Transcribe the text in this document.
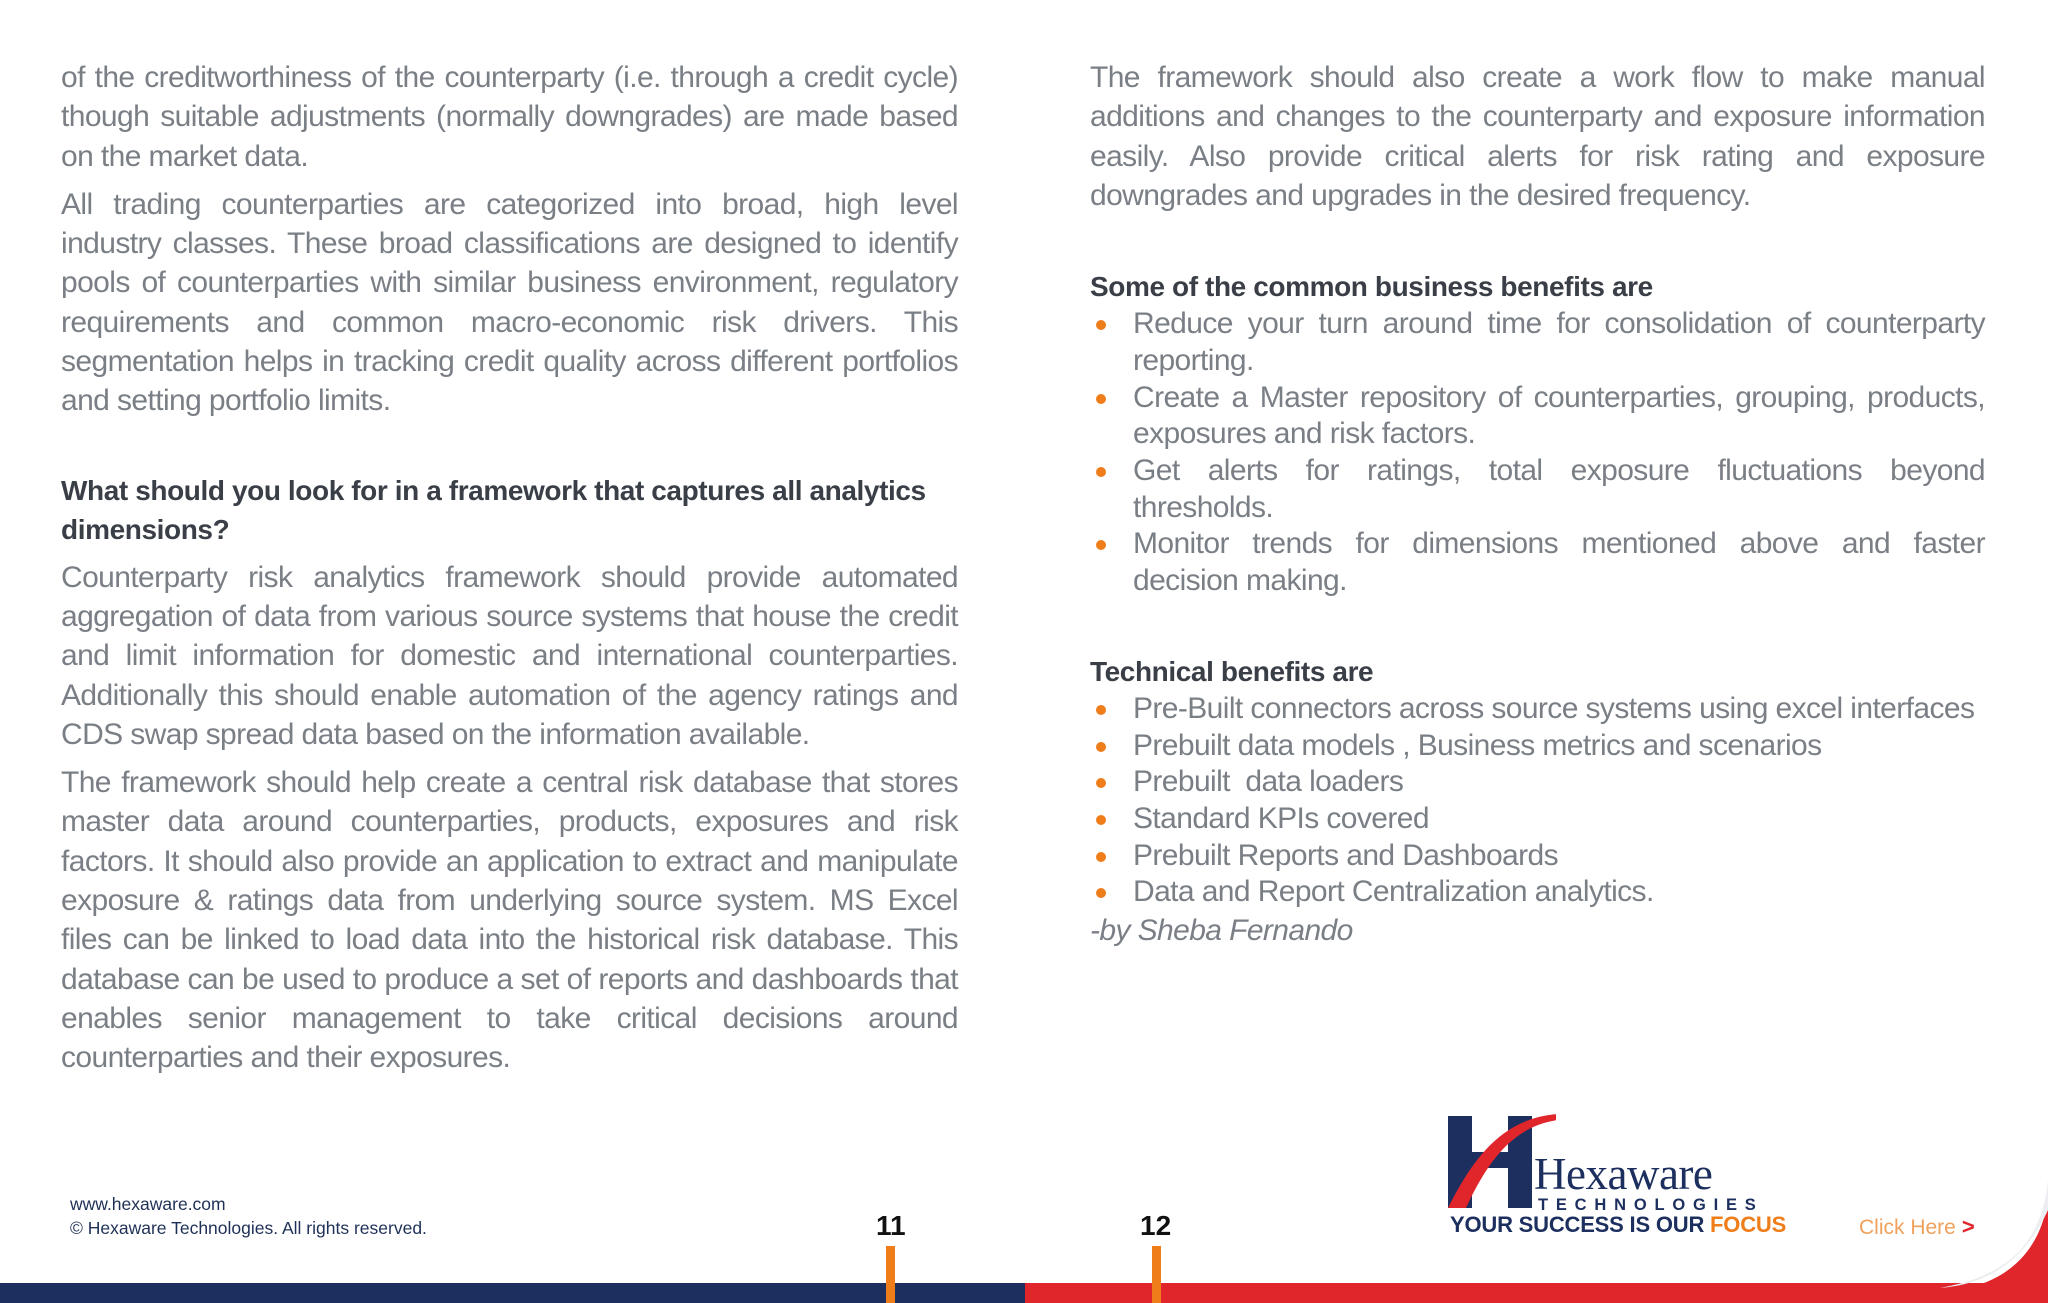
of the creditworthiness of the counterparty (i.e. through a credit cycle) though suitable adjustments (normally downgrades) are made based on the market data.

All trading counterparties are categorized into broad, high level industry classes. These broad classifications are designed to identify pools of counterparties with similar business environment, regulatory requirements and common macro-economic risk drivers. This segmentation helps in tracking credit quality across different portfolios and setting portfolio limits.

What should you look for in a framework that captures all analytics dimensions?

Counterparty risk analytics framework should provide automated aggregation of data from various source systems that house the credit and limit information for domestic and international counterparties. Additionally this should enable automation of the agency ratings and CDS swap spread data based on the information available.

The framework should help create a central risk database that stores master data around counterparties, products, exposures and risk factors. It should also provide an application to extract and manipulate exposure & ratings data from underlying source system. MS Excel files can be linked to load data into the historical risk database. This database can be used to produce a set of reports and dashboards that enables senior management to take critical decisions around counterparties and their exposures.

The framework should also create a work flow to make manual additions and changes to the counterparty and exposure information easily. Also provide critical alerts for risk rating and exposure downgrades and upgrades in the desired frequency.

Some of the common business benefits are
Reduce your turn around time for consolidation of counterparty reporting.
Create a Master repository of counterparties, grouping, products, exposures and risk factors.
Get alerts for ratings, total exposure fluctuations beyond thresholds.
Monitor trends for dimensions mentioned above and faster decision making.
Technical benefits are
Pre-Built connectors across source systems using excel interfaces
Prebuilt data models , Business metrics and scenarios
Prebuilt  data loaders
Standard KPIs covered
Prebuilt Reports and Dashboards
Data and Report Centralization analytics.

-by Sheba Fernando

www.hexaware.com
© Hexaware Technologies. All rights reserved.	11	12
Hexaware
TECHNOLOGIES
YOUR SUCCESS IS OUR FOCUS	Click Here >
